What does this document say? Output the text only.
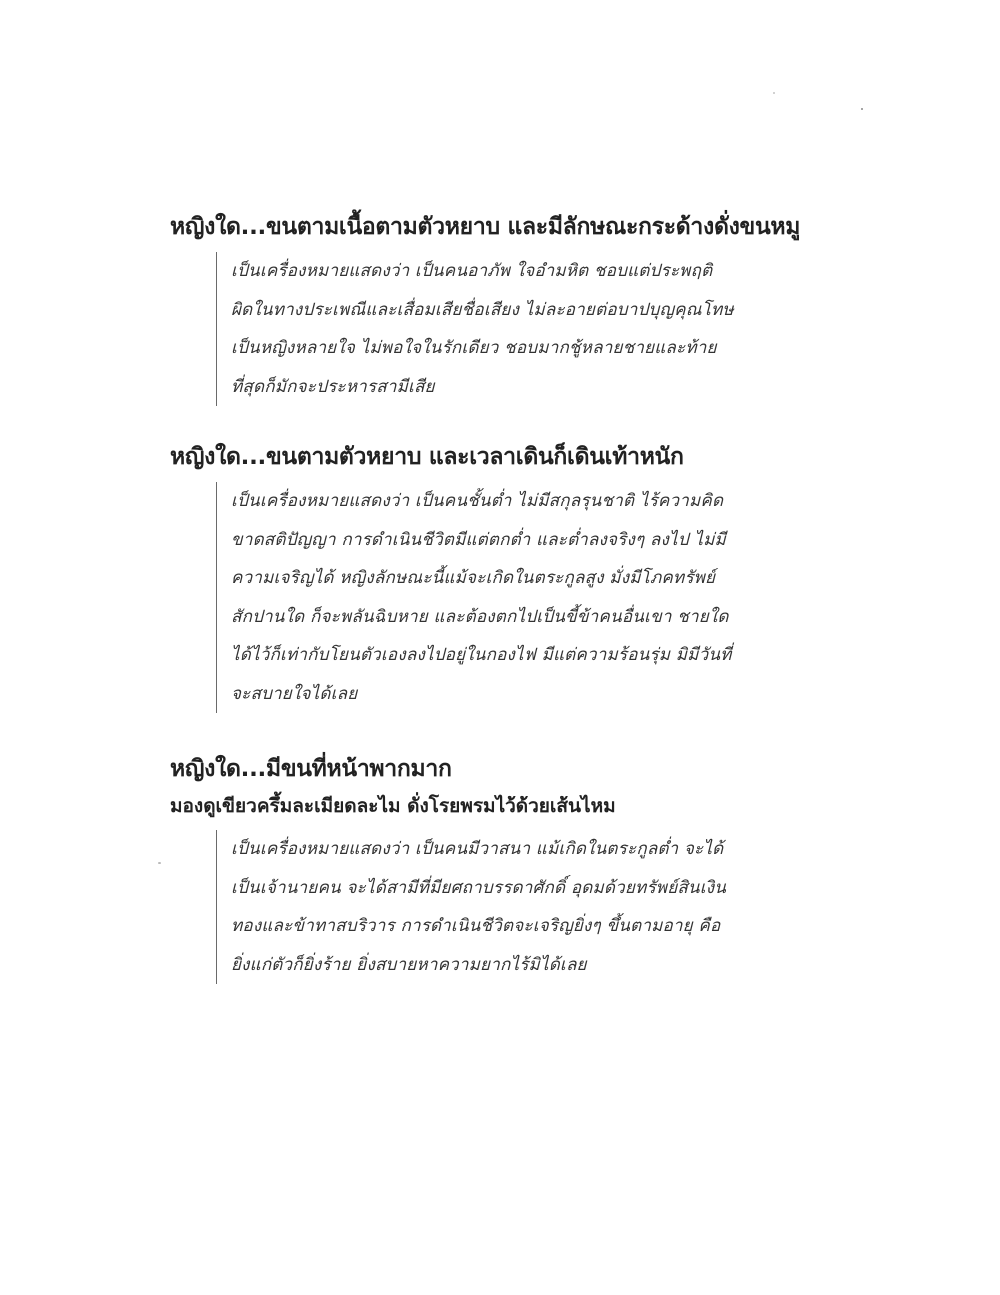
หญิงใด...ขนตามเนื้อตามตัวหยาบ และมีลักษณะกระด้างดั่งขนหมู
เป็นเครื่องหมายแสดงว่า เป็นคนอาภัพ ใจอำมหิต ชอบแต่ประพฤติ
ผิดในทางประเพณีและเสื่อมเสียชื่อเสียง ไม่ละอายต่อบาปบุญคุณโทษ
เป็นหญิงหลายใจ ไม่พอใจในรักเดียว ชอบมากชู้หลายชายและท้าย
ที่สุดก็มักจะประหารสามีเสีย
หญิงใด...ขนตามตัวหยาบ และเวลาเดินก็เดินเท้าหนัก
เป็นเครื่องหมายแสดงว่า เป็นคนชั้นต่ำ ไม่มีสกุลรุนชาติ ไร้ความคิด
ขาดสติปัญญา การดำเนินชีวิตมีแต่ตกต่ำ และต่ำลงจริงๆ ลงไป ไม่มี
ความเจริญได้ หญิงลักษณะนี้แม้จะเกิดในตระกูลสูง มั่งมีโภคทรัพย์
สักปานใด ก็จะพลันฉิบหาย และต้องตกไปเป็นขี้ข้าคนอื่นเขา ชายใด
ได้ไว้ก็เท่ากับโยนตัวเองลงไปอยู่ในกองไฟ มีแต่ความร้อนรุ่ม มิมีวันที่
จะสบายใจได้เลย
หญิงใด...มีขนที่หน้าพากมาก
มองดูเขียวครึ้มละเมียดละไม ดั่งโรยพรมไว้ด้วยเส้นไหม
เป็นเครื่องหมายแสดงว่า เป็นคนมีวาสนา แม้เกิดในตระกูลต่ำ จะได้
เป็นเจ้านายคน จะได้สามีที่มียศถาบรรดาศักดิ์ อุดมด้วยทรัพย์สินเงิน
ทองและข้าทาสบริวาร การดำเนินชีวิตจะเจริญยิ่งๆ ขึ้นตามอายุ คือ
ยิ่งแก่ตัวก็ยิ่งร้าย ยิ่งสบายหาความยากไร้มิได้เลย
